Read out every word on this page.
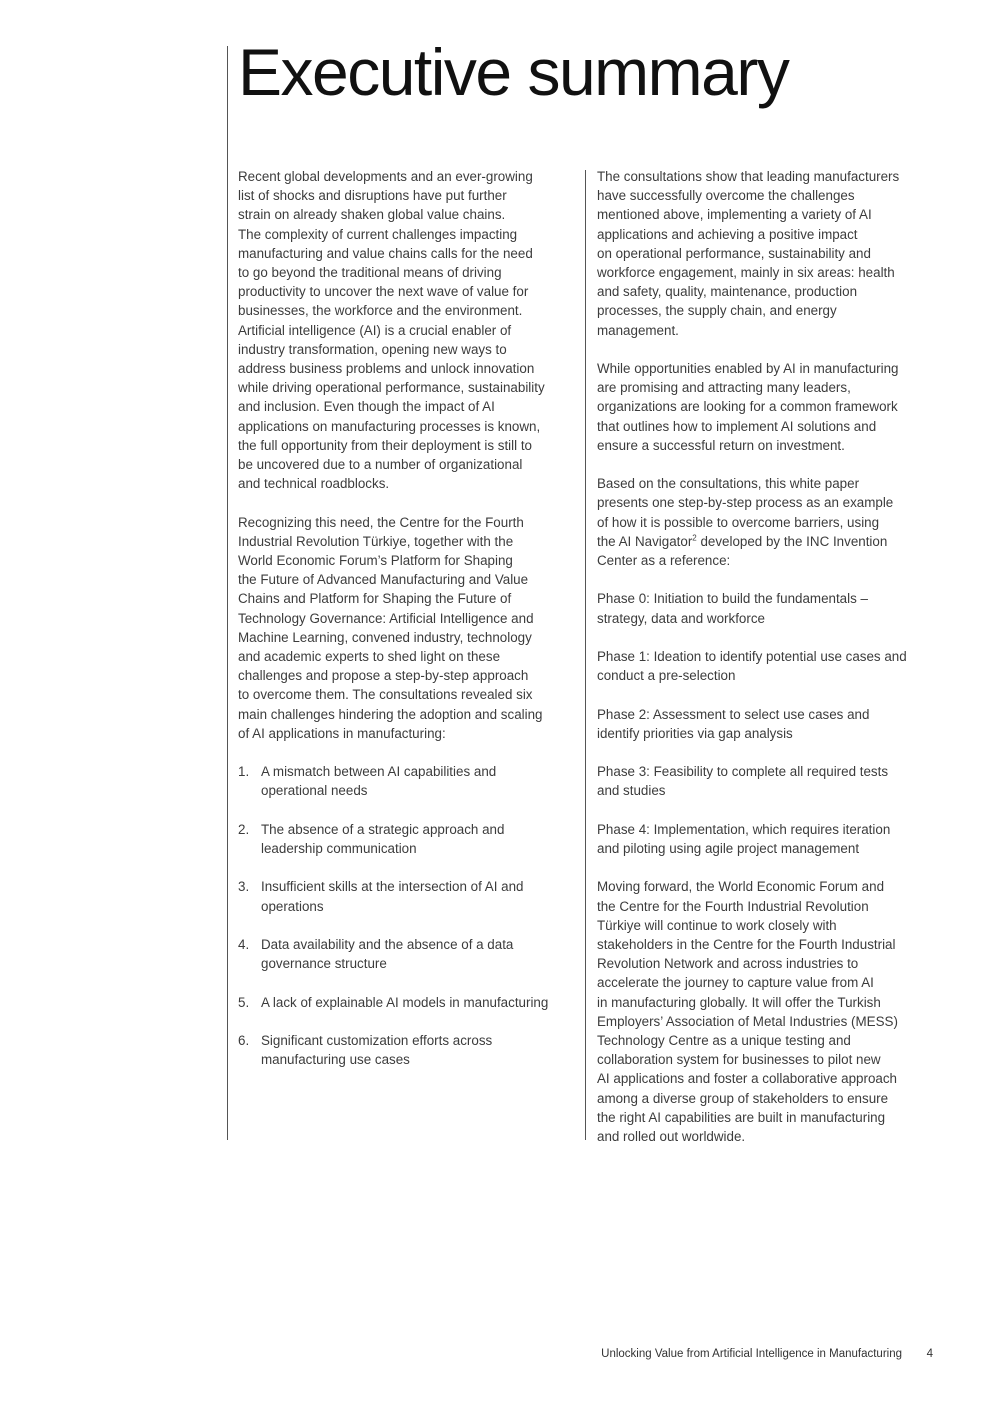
Executive summary

Recent global developments and an ever-growing
list of shocks and disruptions have put further
strain on already shaken global value chains.
The complexity of current challenges impacting
manufacturing and value chains calls for the need
to go beyond the traditional means of driving
productivity to uncover the next wave of value for
businesses, the workforce and the environment.
Artificial intelligence (AI) is a crucial enabler of
industry transformation, opening new ways to
address business problems and unlock innovation
while driving operational performance, sustainability
and inclusion. Even though the impact of AI
applications on manufacturing processes is known,
the full opportunity from their deployment is still to
be uncovered due to a number of organizational
and technical roadblocks.

Recognizing this need, the Centre for the Fourth
Industrial Revolution Türkiye, together with the
World Economic Forum’s Platform for Shaping
the Future of Advanced Manufacturing and Value
Chains and Platform for Shaping the Future of
Technology Governance: Artificial Intelligence and
Machine Learning, convened industry, technology
and academic experts to shed light on these
challenges and propose a step-by-step approach
to overcome them. The consultations revealed six
main challenges hindering the adoption and scaling
of AI applications in manufacturing:

1. A mismatch between AI capabilities and
operational needs
2. The absence of a strategic approach and
leadership communication
3. Insufficient skills at the intersection of AI and
operations
4. Data availability and the absence of a data
governance structure
5. A lack of explainable AI models in manufacturing
6. Significant customization efforts across
manufacturing use cases

The consultations show that leading manufacturers
have successfully overcome the challenges
mentioned above, implementing a variety of AI
applications and achieving a positive impact
on operational performance, sustainability and
workforce engagement, mainly in six areas: health
and safety, quality, maintenance, production
processes, the supply chain, and energy
management.

While opportunities enabled by AI in manufacturing
are promising and attracting many leaders,
organizations are looking for a common framework
that outlines how to implement AI solutions and
ensure a successful return on investment.

Based on the consultations, this white paper
presents one step-by-step process as an example
of how it is possible to overcome barriers, using
the AI Navigator$^2$ developed by the INC Invention
Center as a reference:

Phase 0: Initiation to build the fundamentals –
strategy, data and workforce

Phase 1: Ideation to identify potential use cases and
conduct a pre-selection

Phase 2: Assessment to select use cases and
identify priorities via gap analysis

Phase 3: Feasibility to complete all required tests
and studies

Phase 4: Implementation, which requires iteration
and piloting using agile project management

Moving forward, the World Economic Forum and
the Centre for the Fourth Industrial Revolution
Türkiye will continue to work closely with
stakeholders in the Centre for the Fourth Industrial
Revolution Network and across industries to
accelerate the journey to capture value from AI
in manufacturing globally. It will offer the Turkish
Employers’ Association of Metal Industries (MESS)
Technology Centre as a unique testing and
collaboration system for businesses to pilot new
AI applications and foster a collaborative approach
among a diverse group of stakeholders to ensure
the right AI capabilities are built in manufacturing
and rolled out worldwide.

Unlocking Value from Artificial Intelligence in Manufacturing 4
